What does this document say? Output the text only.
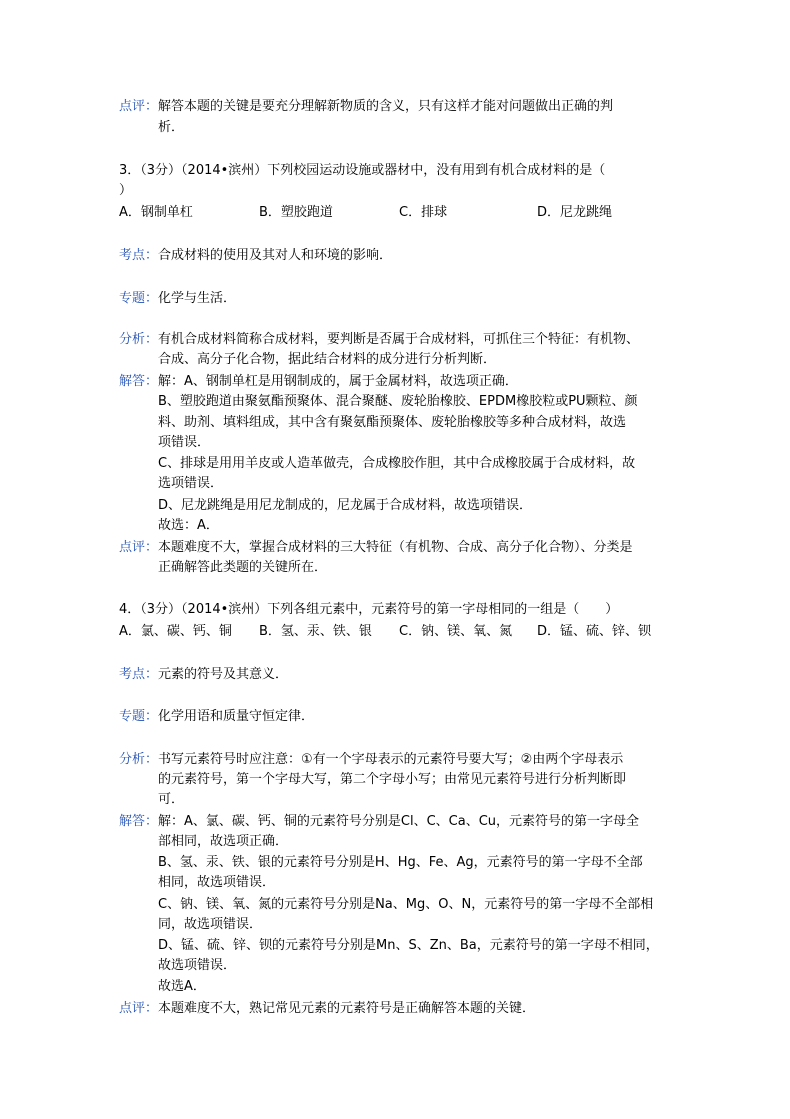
点评： 解答本题的关键是要充分理解新物质的含义，只有这样才能对问题做出正确的判
析．
3．（3分）（2014•滨州）下列校园运动设施或器材中，没有用到有机合成材料的是（
）
A．钢制单杠	B．塑胶跑道	C．排球	D．尼龙跳绳
考点： 合成材料的使用及其对人和环境的影响．
专题： 化学与生活．
分析： 有机合成材料简称合成材料，要判断是否属于合成材料，可抓住三个特征：有机物、
合成、高分子化合物，据此结合材料的成分进行分析判断．
解答： 解：A、钢制单杠是用钢制成的，属于金属材料，故选项正确．
B、塑胶跑道由聚氨酯预聚体、混合聚醚、废轮胎橡胶、EPDM橡胶粒或PU颗粒、颜
料、助剂、填料组成，其中含有聚氨酯预聚体、废轮胎橡胶等多种合成材料，故选
项错误．
C、排球是用用羊皮或人造革做壳，合成橡胶作胆，其中合成橡胶属于合成材料，故
选项错误．
D、尼龙跳绳是用尼龙制成的，尼龙属于合成材料，故选项错误．
故选：A．
点评： 本题难度不大，掌握合成材料的三大特征（有机物、合成、高分子化合物）、分类是
正确解答此类题的关键所在．
4．（3分）（2014•滨州）下列各组元素中，元素符号的第一字母相同的一组是（　　）
A．氯、碳、钙、铜 B．氢、汞、铁、银 C．钠、镁、氧、氮 D．锰、硫、锌、钡
考点： 元素的符号及其意义．
专题： 化学用语和质量守恒定律．
分析： 书写元素符号时应注意：①有一个字母表示的元素符号要大写；②由两个字母表示
的元素符号，第一个字母大写，第二个字母小写；由常见元素符号进行分析判断即
可．
解答： 解：A、氯、碳、钙、铜的元素符号分别是Cl、C、Ca、Cu，元素符号的第一字母全
部相同，故选项正确．
B、氢、汞、铁、银的元素符号分别是H、Hg、Fe、Ag，元素符号的第一字母不全部
相同，故选项错误．
C、钠、镁、氧、氮的元素符号分别是Na、Mg、O、N，元素符号的第一字母不全部相
同，故选项错误．
D、锰、硫、锌、钡的元素符号分别是Mn、S、Zn、Ba，元素符号的第一字母不相同，
故选项错误．
故选A．
点评： 本题难度不大，熟记常见元素的元素符号是正确解答本题的关键．
